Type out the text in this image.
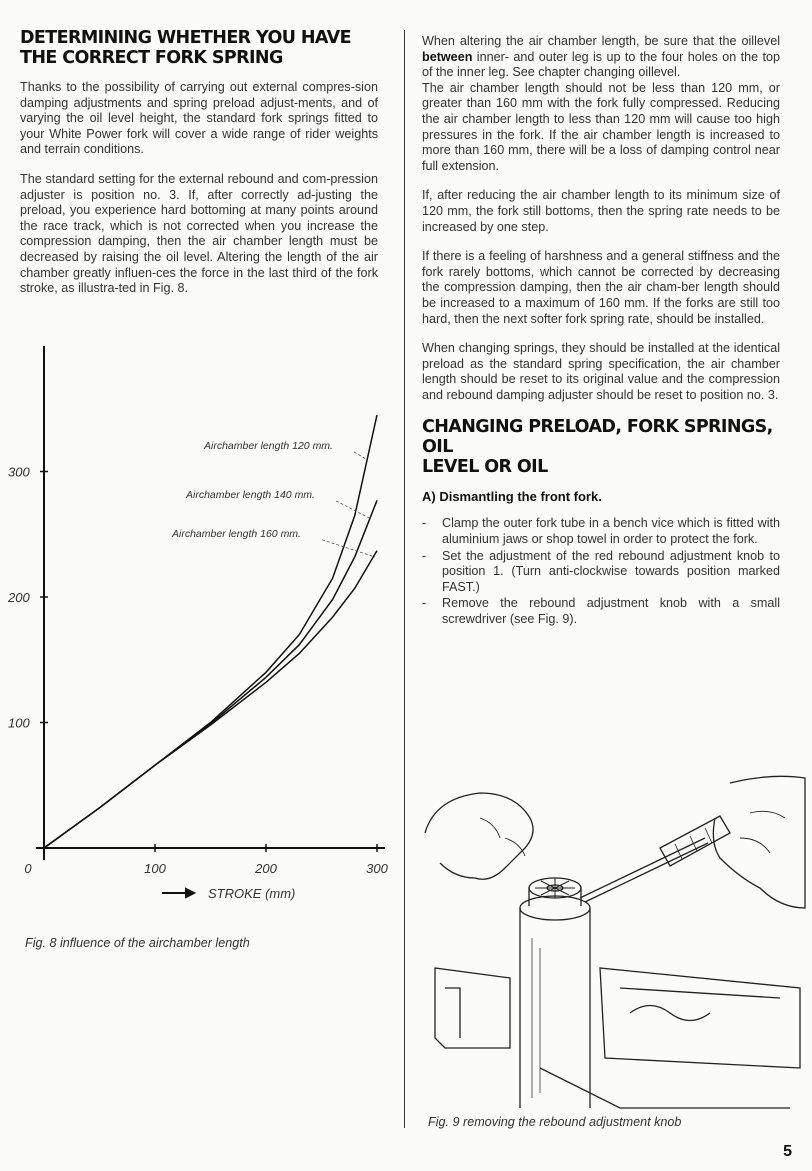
DETERMINING WHETHER YOU HAVE
THE CORRECT FORK SPRING

Thanks to the possibility of carrying out external compres-sion damping adjustments and spring preload adjust-ments, and of varying the oil level height, the standard fork springs fitted to your White Power fork will cover a wide range of rider weights and terrain conditions.

The standard setting for the external rebound and com-pression adjuster is position no. 3. If, after correctly ad-justing the preload, you experience hard bottoming at many points around the race track, which is not corrected when you increase the compression damping, then the air chamber length must be decreased by raising the oil level. Altering the length of the air chamber greatly influen-ces the force in the last third of the fork stroke, as illustra-ted in Fig. 8.

0	100	200	300
100
200
300
STROKE (mm)
Airchamber length 120 mm.
Airchamber length 140 mm.
Airchamber length 160 mm.
Fig. 8 influence of the airchamber length

When altering the air chamber length, be sure that the oillevel between inner- and outer leg is up to the four holes on the top of the inner leg. See chapter changing oillevel.
The air chamber length should not be less than 120 mm, or greater than 160 mm with the fork fully compressed. Reducing the air chamber length to less than 120 mm will cause too high pressures in the fork. If the air chamber length is increased to more than 160 mm, there will be a loss of damping control near full extension.

If, after reducing the air chamber length to its minimum size of 120 mm, the fork still bottoms, then the spring rate needs to be increased by one step.

If there is a feeling of harshness and a general stiffness and the fork rarely bottoms, which cannot be corrected by decreasing the compression damping, then the air cham-ber length should be increased to a maximum of 160 mm. If the forks are still too hard, then the next softer fork spring rate, should be installed.

When changing springs, they should be installed at the identical preload as the standard spring specification, the air chamber length should be reset to its original value and the compression and rebound damping adjuster should be reset to position no. 3.

CHANGING PRELOAD, FORK SPRINGS, OIL
LEVEL OR OIL
A) Dismantling the front fork.
- Clamp the outer fork tube in a bench vice which is fitted with aluminium jaws or shop towel in order to protect the fork.
- Set the adjustment of the red rebound adjustment knob to position 1. (Turn anti-clockwise towards position marked FAST.)
- Remove the rebound adjustment knob with a small screwdriver (see Fig. 9).
Fig. 9 removing the rebound adjustment knob
5
